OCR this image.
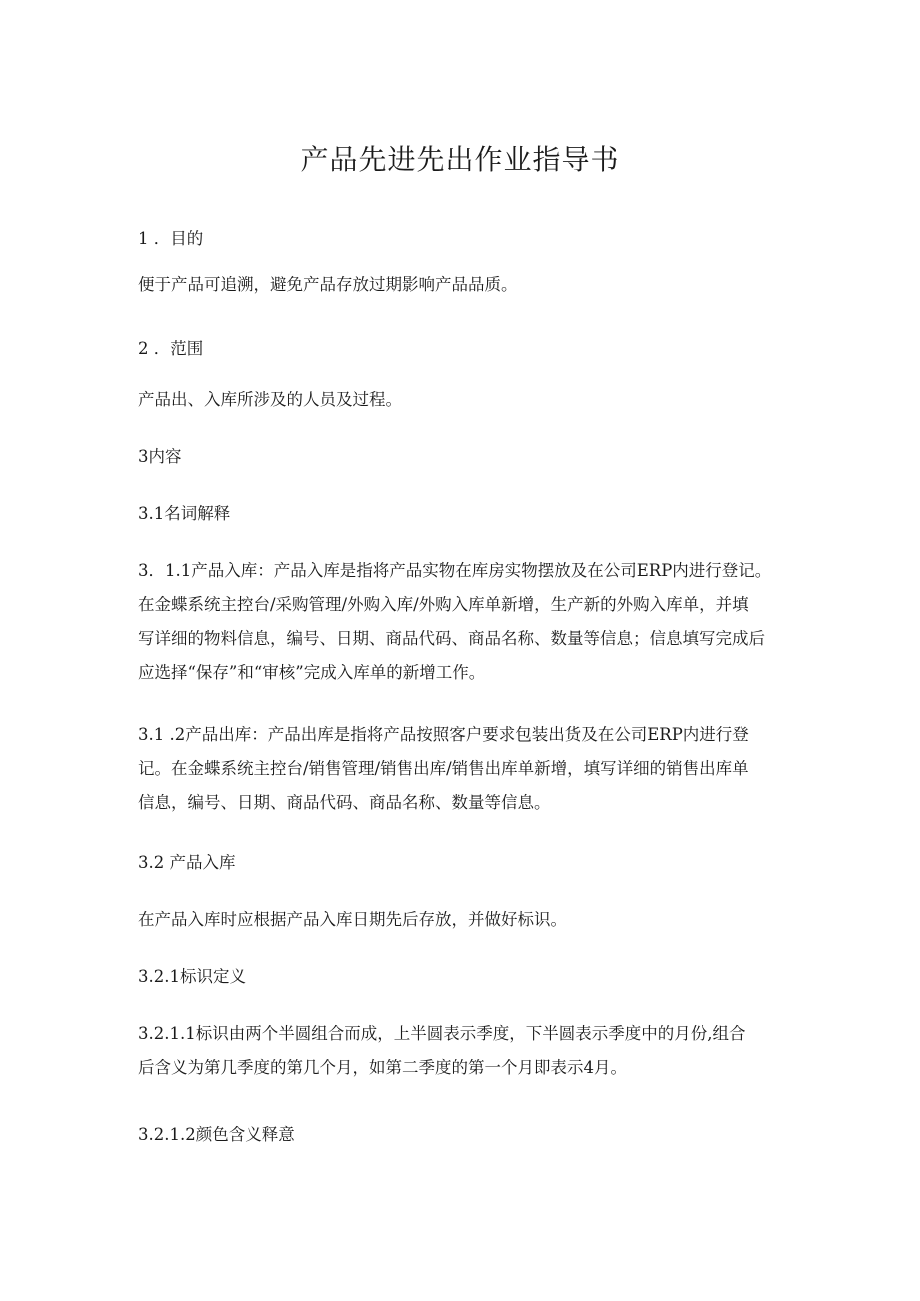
产品先进先出作业指导书

1 ．目的

便于产品可追溯，避免产品存放过期影响产品品质。

2 ．范围

产品出、入库所涉及的人员及过程。

3内容

3.1名词解释

3．1.1产品入库：产品入库是指将产品实物在库房实物摆放及在公司ERP内进行登记。
在金蝶系统主控台/采购管理/外购入库/外购入库单新增，生产新的外购入库单，并填
写详细的物料信息，编号、日期、商品代码、商品名称、数量等信息；信息填写完成后
应选择“保存”和“审核”完成入库单的新增工作。
3.1 .2产品出库：产品出库是指将产品按照客户要求包装出货及在公司ERP内进行登
记。在金蝶系统主控台/销售管理/销售出库/销售出库单新增，填写详细的销售出库单
信息，编号、日期、商品代码、商品名称、数量等信息。

3.2 产品入库

在产品入库时应根据产品入库日期先后存放，并做好标识。

3.2.1标识定义

3.2.1.1标识由两个半圆组合而成，上半圆表示季度，下半圆表示季度中的月份,组合
后含义为第几季度的第几个月，如第二季度的第一个月即表示4月。

3.2.1.2颜色含义释意
